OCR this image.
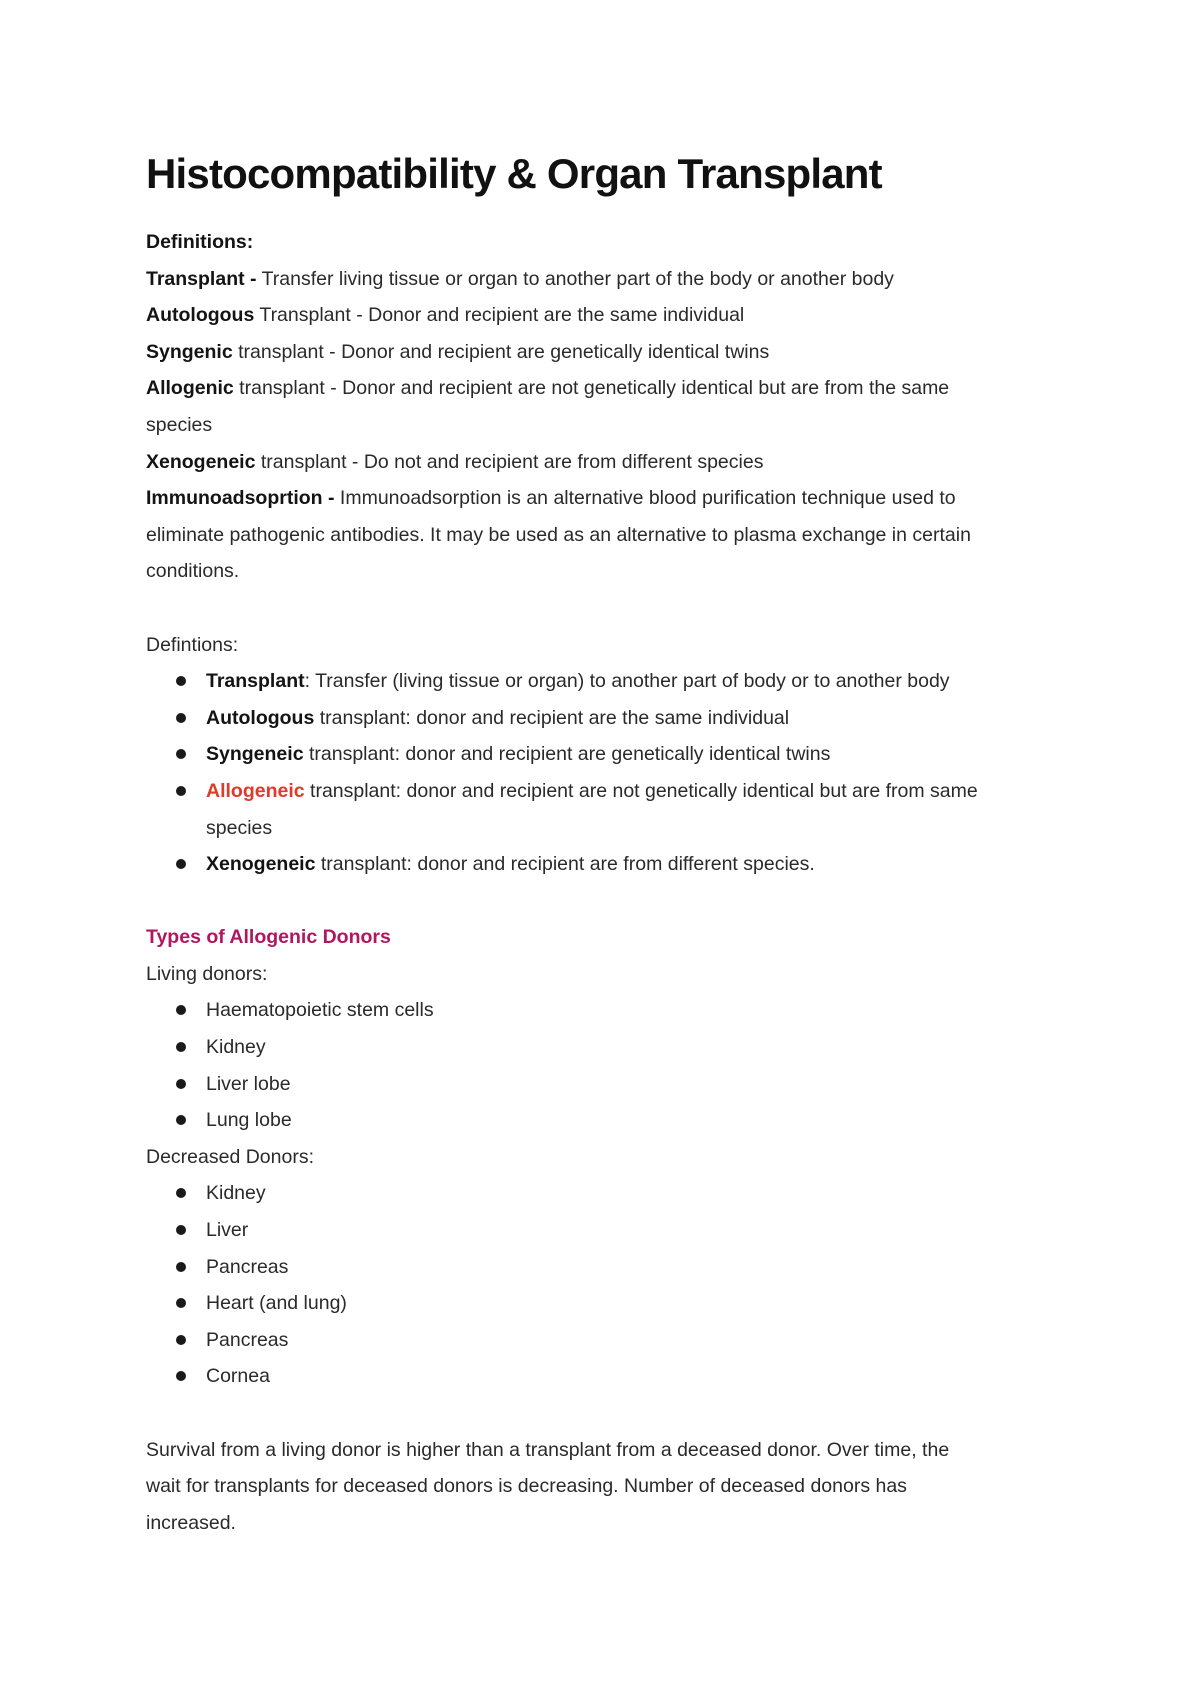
Histocompatibility & Organ Transplant
Definitions:
Transplant - Transfer living tissue or organ to another part of the body or another body
Autologous Transplant - Donor and recipient are the same individual
Syngenic transplant - Donor and recipient are genetically identical twins
Allogenic transplant - Donor and recipient are not genetically identical but are from the same
species
Xenogeneic transplant - Do not and recipient are from different species
Immunoadsoprtion - Immunoadsorption is an alternative blood purification technique used to
eliminate pathogenic antibodies. It may be used as an alternative to plasma exchange in certain
conditions.
Defintions:
Transplant: Transfer (living tissue or organ) to another part of body or to another body
Autologous transplant: donor and recipient are the same individual
Syngeneic transplant: donor and recipient are genetically identical twins
Allogeneic transplant: donor and recipient are not genetically identical but are from same
species
Xenogeneic transplant: donor and recipient are from different species.
Types of Allogenic Donors
Living donors:
Haematopoietic stem cells
Kidney
Liver lobe
Lung lobe
Decreased Donors:
Kidney
Liver
Pancreas
Heart (and lung)
Pancreas
Cornea
Survival from a living donor is higher than a transplant from a deceased donor. Over time, the
wait for transplants for deceased donors is decreasing. Number of deceased donors has
increased.
